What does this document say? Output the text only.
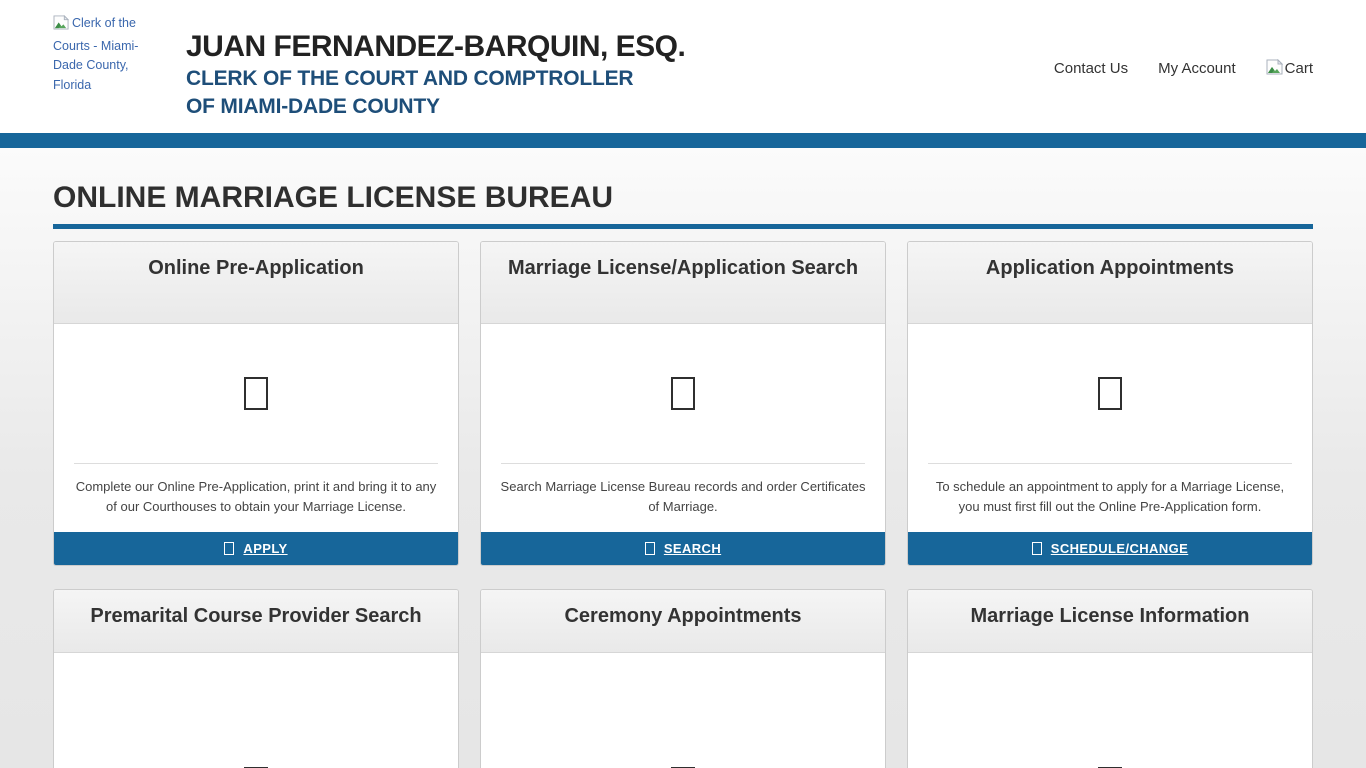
Clerk of the Courts - Miami-Dade County, Florida
JUAN FERNANDEZ-BARQUIN, ESQ.
CLERK OF THE COURT AND COMPTROLLER
OF MIAMI-DADE COUNTY
Contact Us My Account	Cart
ONLINE MARRIAGE LICENSE BUREAU
Online Pre-Application

Complete our Online Pre-Application, print it and bring it to any of our Courthouses to obtain your Marriage License.

APPLY
Marriage License/Application Search

Search Marriage License Bureau records and order Certificates of Marriage.

SEARCH
Application Appointments

To schedule an appointment to apply for a Marriage License, you must first fill out the Online Pre-Application form.

SCHEDULE/CHANGE
Premarital Course Provider Search	Ceremony Appointments	Marriage License Information
